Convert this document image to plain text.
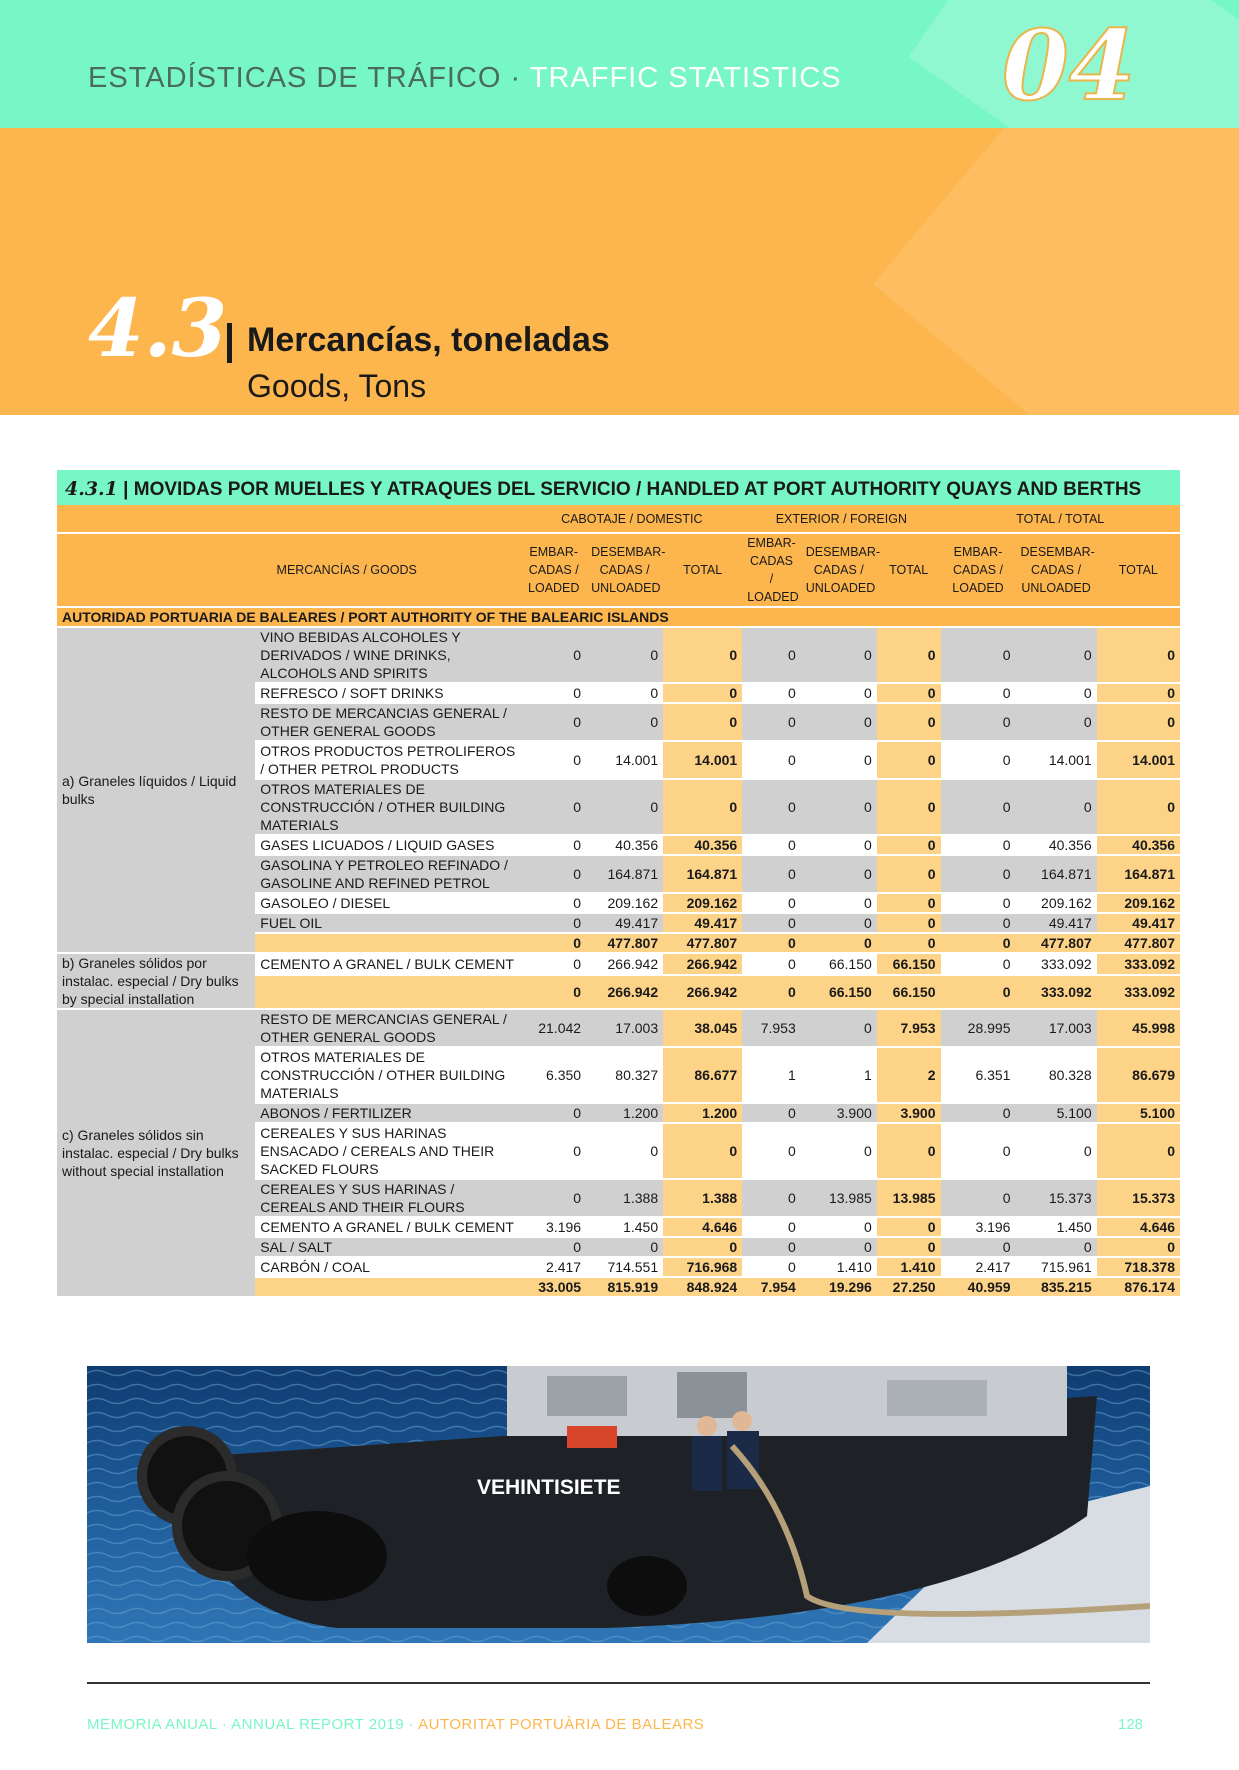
ESTADÍSTICAS DE TRÁFICO · TRAFFIC STATISTICS 04
4.3 Mercancías, toneladas
Goods, Tons
4.3.1 | MOVIDAS POR MUELLES Y ATRAQUES DEL SERVICIO / HANDLED AT PORT AUTHORITY QUAYS AND BERTHS
		CABOTAJE / DOMESTIC			EXTERIOR / FOREIGN			TOTAL / TOTAL		
MERCANCÍAS / GOODS		EMBAR-
CADAS /
LOADED	DESEMBAR-
CADAS /
UNLOADED	TOTAL	EMBAR-
CADAS /
LOADED	DESEMBAR-
CADAS /
UNLOADED	TOTAL	EMBAR-
CADAS /
LOADED	DESEMBAR-
CADAS /
UNLOADED	TOTAL
AUTORIDAD PORTUARIA DE BALEARES / PORT AUTHORITY OF THE BALEARIC ISLANDS										
a) Graneles líquidos / Liquid bulks	VINO BEBIDAS ALCOHOLES Y DERIVADOS / WINE DRINKS, ALCOHOLS AND SPIRITS	0	0	0	0	0	0	0	0	0
	REFRESCO / SOFT DRINKS	0	0	0	0	0	0	0	0	0
	RESTO DE MERCANCIAS GENERAL / OTHER GENERAL GOODS	0	0	0	0	0	0	0	0	0
	OTROS PRODUCTOS PETROLIFEROS / OTHER PETROL PRODUCTS	0	14.001	14.001	0	0	0	0	14.001	14.001
	OTROS MATERIALES DE CONSTRUCCIÓN / OTHER BUILDING MATERIALS	0	0	0	0	0	0	0	0	0
	GASES LICUADOS / LIQUID GASES	0	40.356	40.356	0	0	0	0	40.356	40.356
	GASOLINA Y PETROLEO REFINADO / GASOLINE AND REFINED PETROL	0	164.871	164.871	0	0	0	0	164.871	164.871
	GASOLEO / DIESEL	0	209.162	209.162	0	0	0	0	209.162	209.162
	FUEL OIL	0	49.417	49.417	0	0	0	0	49.417	49.417
		0	477.807	477.807	0	0	0	0	477.807	477.807
b) Graneles sólidos por instalac. especial / Dry bulks by special installation	CEMENTO A GRANEL / BULK CEMENT	0	266.942	266.942	0	66.150	66.150	0	333.092	333.092
		0	266.942	266.942	0	66.150	66.150	0	333.092	333.092
c) Graneles sólidos sin instalac. especial / Dry bulks without special installation	RESTO DE MERCANCIAS GENERAL / OTHER GENERAL GOODS	21.042	17.003	38.045	7.953	0	7.953	28.995	17.003	45.998
	OTROS MATERIALES DE CONSTRUCCIÓN / OTHER BUILDING MATERIALS	6.350	80.327	86.677	1	1	2	6.351	80.328	86.679
	ABONOS / FERTILIZER	0	1.200	1.200	0	3.900	3.900	0	5.100	5.100
	CEREALES Y SUS HARINAS ENSACADO / CEREALS AND THEIR SACKED FLOURS	0	0	0	0	0	0	0	0	0
	CEREALES Y SUS HARINAS / CEREALS AND THEIR FLOURS	0	1.388	1.388	0	13.985	13.985	0	15.373	15.373
	CEMENTO A GRANEL / BULK CEMENT	3.196	1.450	4.646	0	0	0	3.196	1.450	4.646
	SAL / SALT	0	0	0	0	0	0	0	0	0
	CARBÓN / COAL	2.417	714.551	716.968	0	1.410	1.410	2.417	715.961	718.378
		33.005	815.919	848.924	7.954	19.296	27.250	40.959	835.215	876.174
VEHINTISIETE
MEMORIA ANUAL · ANNUAL REPORT 2019 · AUTORITAT PORTUÀRIA DE BALEARS	128
